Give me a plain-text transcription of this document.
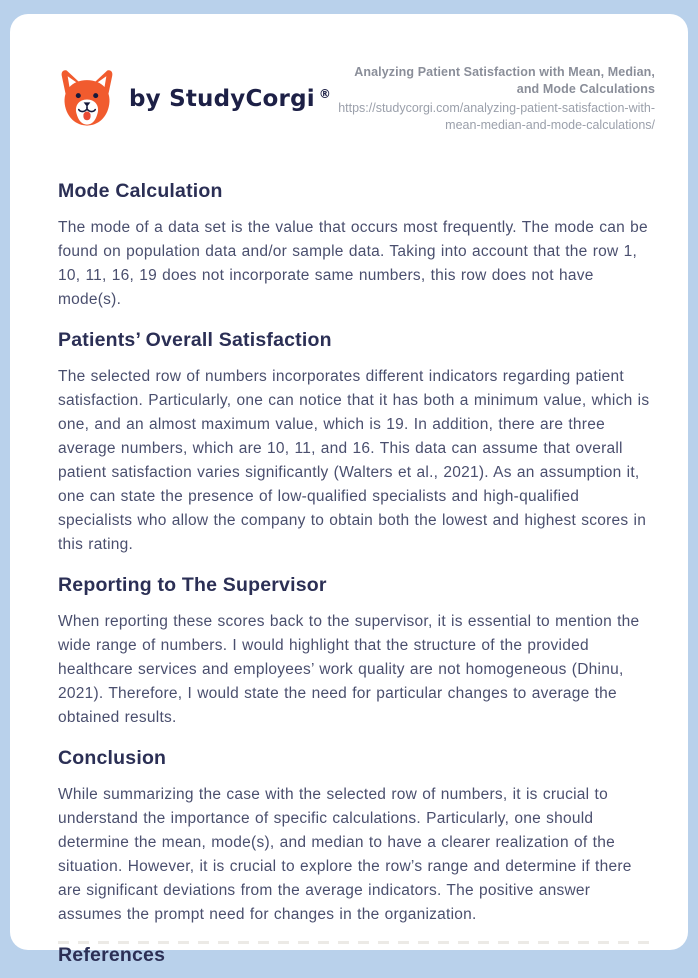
by StudyCorgi ®
Analyzing Patient Satisfaction with Mean, Median, and Mode Calculations
https://studycorgi.com/analyzing-patient-satisfaction-with-mean-median-and-mode-calculations/
Mode Calculation

The mode of a data set is the value that occurs most frequently. The mode can be found on population data and/or sample data. Taking into account that the row 1, 10, 11, 16, 19 does not incorporate same numbers, this row does not have mode(s).

Patients’ Overall Satisfaction

The selected row of numbers incorporates different indicators regarding patient satisfaction. Particularly, one can notice that it has both a minimum value, which is one, and an almost maximum value, which is 19. In addition, there are three average numbers, which are 10, 11, and 16. This data can assume that overall patient satisfaction varies significantly (Walters et al., 2021). As an assumption it, one can state the presence of low-qualified specialists and high-qualified specialists who allow the company to obtain both the lowest and highest scores in this rating.

Reporting to The Supervisor

When reporting these scores back to the supervisor, it is essential to mention the wide range of numbers. I would highlight that the structure of the provided healthcare services and employees’ work quality are not homogeneous (Dhinu, 2021). Therefore, I would state the need for particular changes to average the obtained results.

Conclusion

While summarizing the case with the selected row of numbers, it is crucial to understand the importance of specific calculations. Particularly, one should determine the mean, mode(s), and median to have a clearer realization of the situation. However, it is crucial to explore the row’s range and determine if there are significant deviations from the average indicators. The positive answer assumes the prompt need for changes in the organization.

References
